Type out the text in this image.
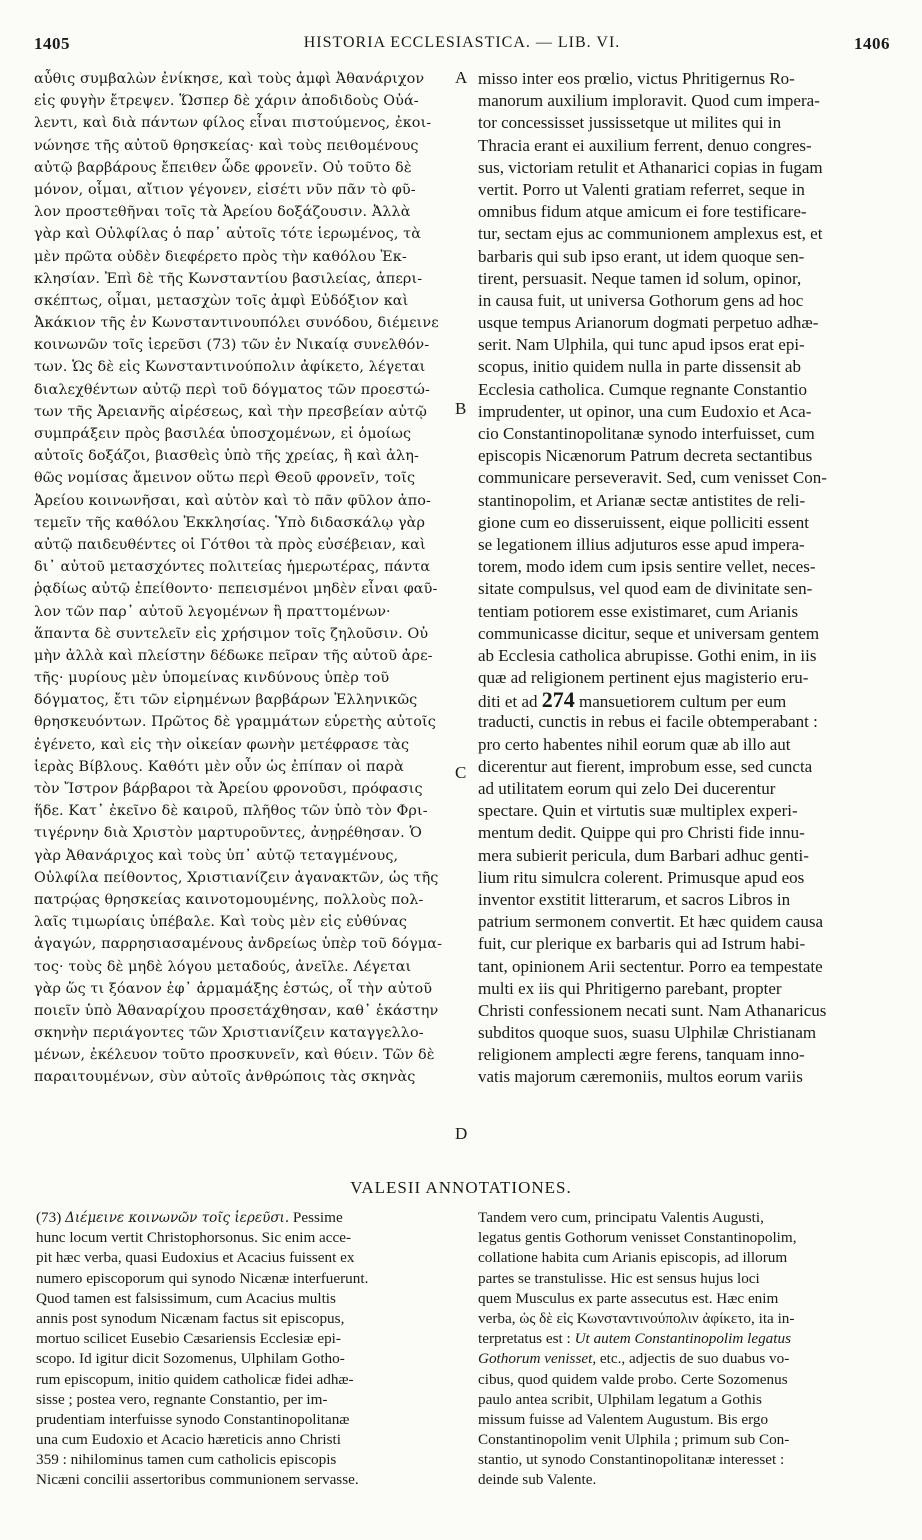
1405	HISTORIA ECCLESIASTICA. — LIB. VI.	1406
αὖθις συμβαλὼν ἐνίκησε, καὶ τοὺς ἀμφὶ Ἀθανάριχον
εἰς φυγὴν ἔτρεψεν. Ὥσπερ δὲ χάριν ἀποδιδοὺς Οὐά-
λεντι, καὶ διὰ πάντων φίλος εἶναι πιστούμενος, ἐκοι-
νώνησε τῆς αὐτοῦ θρησκείας· καὶ τοὺς πειθομένους
αὐτῷ βαρβάρους ἔπειθεν ὧδε φρονεῖν. Οὐ τοῦτο δὲ
μόνον, οἶμαι, αἴτιον γέγονεν, εἰσέτι νῦν πᾶν τὸ φῦ-
λον προστεθῆναι τοῖς τὰ Ἀρείου δοξάζουσιν. Ἀλλὰ
γὰρ καὶ Οὐλφίλας ὁ παρ᾽ αὐτοῖς τότε ἱερωμένος, τὰ
μὲν πρῶτα οὐδὲν διεφέρετο πρὸς τὴν καθόλου Ἐκ-
κλησίαν. Ἐπὶ δὲ τῆς Κωνσταντίου βασιλείας, ἀπερι-
σκέπτως, οἶμαι, μετασχὼν τοῖς ἀμφὶ Εὐδόξιον καὶ
Ἀκάκιον τῆς ἐν Κωνσταντινουπόλει συνόδου, διέμεινε
κοινωνῶν τοῖς ἱερεῦσι (73) τῶν ἐν Νικαίᾳ συνελθόν-
των. Ὡς δὲ εἰς Κωνσταντινούπολιν ἀφίκετο, λέγεται
διαλεχθέντων αὐτῷ περὶ τοῦ δόγματος τῶν προεστώ-
των τῆς Ἀρειανῆς αἱρέσεως, καὶ τὴν πρεσβείαν αὐτῷ
συμπράξειν πρὸς βασιλέα ὑποσχομένων, εἰ ὁμοίως
αὐτοῖς δοξάζοι, βιασθεὶς ὑπὸ τῆς χρείας, ἢ καὶ ἀλη-
θῶς νομίσας ἄμεινον οὕτω περὶ Θεοῦ φρονεῖν, τοῖς
Ἀρείου κοινωνῆσαι, καὶ αὐτὸν καὶ τὸ πᾶν φῦλον ἀπο-
τεμεῖν τῆς καθόλου Ἐκκλησίας. Ὑπὸ διδασκάλῳ γὰρ
αὐτῷ παιδευθέντες οἱ Γότθοι τὰ πρὸς εὐσέβειαν, καὶ
δι᾽ αὐτοῦ μετασχόντες πολιτείας ἡμερωτέρας, πάντα
ῥᾳδίως αὐτῷ ἐπείθοντο· πεπεισμένοι μηδὲν εἶναι φαῦ-
λον τῶν παρ᾽ αὐτοῦ λεγομένων ἢ πραττομένων·
ἅπαντα δὲ συντελεῖν εἰς χρήσιμον τοῖς ζηλοῦσιν. Οὐ
μὴν ἀλλὰ καὶ πλείστην δέδωκε πεῖραν τῆς αὐτοῦ ἀρε-
τῆς· μυρίους μὲν ὑπομείνας κινδύνους ὑπὲρ τοῦ
δόγματος, ἔτι τῶν εἰρημένων βαρβάρων Ἑλληνικῶς
θρησκευόντων. Πρῶτος δὲ γραμμάτων εὑρετὴς αὐτοῖς
ἐγένετο, καὶ εἰς τὴν οἰκείαν φωνὴν μετέφρασε τὰς
ἱερὰς Βίβλους. Καθότι μὲν οὖν ὡς ἐπίπαν οἱ παρὰ
τὸν Ἴστρον βάρβαροι τὰ Ἀρείου φρονοῦσι, πρόφασις
ἥδε. Κατ᾽ ἐκεῖνο δὲ καιροῦ, πλῆθος τῶν ὑπὸ τὸν Φρι-
τιγέρνην διὰ Χριστὸν μαρτυροῦντες, ἀνῃρέθησαν. Ὁ
γὰρ Ἀθανάριχος καὶ τοὺς ὑπ᾽ αὐτῷ τεταγμένους,
Οὐλφίλα πείθοντος, Χριστιανίζειν ἀγανακτῶν, ὡς τῆς
πατρῴας θρησκείας καινοτομουμένης, πολλοὺς πολ-
λαῖς τιμωρίαις ὑπέβαλε. Καὶ τοὺς μὲν εἰς εὐθύνας
ἀγαγών, παρρησιασαμένους ἀνδρείως ὑπὲρ τοῦ δόγμα-
τος· τοὺς δὲ μηδὲ λόγου μεταδούς, ἀνεῖλε. Λέγεται
γὰρ ὥς τι ξόανον ἐφ᾽ ἁρμαμάξης ἑστώς, οἷ τὴν αὐτοῦ
ποιεῖν ὑπὸ Ἀθαναρίχου προσετάχθησαν, καθ᾽ ἑκάστην
σκηνὴν περιάγοντες τῶν Χριστιανίζειν καταγγελλο-
μένων, ἐκέλευον τοῦτο προσκυνεῖν, καὶ θύειν. Τῶν δὲ
παραιτουμένων, σὺν αὐτοῖς ἀνθρώποις τὰς σκηνὰς
A
B
C
D
misso inter eos prœlio, victus Phritigernus Ro-
manorum auxilium imploravit. Quod cum impera-
tor concessisset jussissetque ut milites qui in
Thracia erant ei auxilium ferrent, denuo congres-
sus, victoriam retulit et Athanarici copias in fugam
vertit. Porro ut Valenti gratiam referret, seque in
omnibus fidum atque amicum ei fore testificare-
tur, sectam ejus ac communionem amplexus est, et
barbaris qui sub ipso erant, ut idem quoque sen-
tirent, persuasit. Neque tamen id solum, opinor,
in causa fuit, ut universa Gothorum gens ad hoc
usque tempus Arianorum dogmati perpetuo adhæ-
serit. Nam Ulphila, qui tunc apud ipsos erat epi-
scopus, initio quidem nulla in parte dissensit ab
Ecclesia catholica. Cumque regnante Constantio
imprudenter, ut opinor, una cum Eudoxio et Aca-
cio Constantinopolitanæ synodo interfuisset, cum
episcopis Nicænorum Patrum decreta sectantibus
communicare perseveravit. Sed, cum venisset Con-
stantinopolim, et Arianæ sectæ antistites de reli-
gione cum eo disseruissent, eique polliciti essent
se legationem illius adjuturos esse apud impera-
torem, modo idem cum ipsis sentire vellet, neces-
sitate compulsus, vel quod eam de divinitate sen-
tentiam potiorem esse existimaret, cum Arianis
communicasse dicitur, seque et universam gentem
ab Ecclesia catholica abrupisse. Gothi enim, in iis
quæ ad religionem pertinent ejus magisterio eru-
diti et ad 274 mansuetiorem cultum per eum
traducti, cunctis in rebus ei facile obtemperabant :
pro certo habentes nihil eorum quæ ab illo aut
dicerentur aut fierent, improbum esse, sed cuncta
ad utilitatem eorum qui zelo Dei ducerentur
spectare. Quin et virtutis suæ multiplex experi-
mentum dedit. Quippe qui pro Christi fide innu-
mera subierit pericula, dum Barbari adhuc genti-
lium ritu simulcra colerent. Primusque apud eos
inventor exstitit litterarum, et sacros Libros in
patrium sermonem convertit. Et hæc quidem causa
fuit, cur plerique ex barbaris qui ad Istrum habi-
tant, opinionem Arii sectentur. Porro ea tempestate
multi ex iis qui Phritigerno parebant, propter
Christi confessionem necati sunt. Nam Athanaricus
subditos quoque suos, suasu Ulphilæ Christianam
religionem amplecti ægre ferens, tanquam inno-
vatis majorum cæremoniis, multos eorum variis
VALESII ANNOTATIONES.
(73) Διέμεινε κοινωνῶν τοῖς ἱερεῦσι. Pessime
hunc locum vertit Christophorsonus. Sic enim acce-
pit hæc verba, quasi Eudoxius et Acacius fuissent ex
numero episcoporum qui synodo Nicænæ interfuerunt.
Quod tamen est falsissimum, cum Acacius multis
annis post synodum Nicænam factus sit episcopus,
mortuo scilicet Eusebio Cæsariensis Ecclesiæ epi-
scopo. Id igitur dicit Sozomenus, Ulphilam Gotho-
rum episcopum, initio quidem catholicæ fidei adhæ-
sisse ; postea vero, regnante Constantio, per im-
prudentiam interfuisse synodo Constantinopolitanæ
una cum Eudoxio et Acacio hæreticis anno Christi
359 : nihilominus tamen cum catholicis episcopis
Nicæni concilii assertoribus communionem servasse.
Tandem vero cum, principatu Valentis Augusti,
legatus gentis Gothorum venisset Constantinopolim,
collatione habita cum Arianis episcopis, ad illorum
partes se transtulisse. Hic est sensus hujus loci
quem Musculus ex parte assecutus est. Hæc enim
verba, ὡς δὲ εἰς Κωνσταντινούπολιν ἀφίκετο, ita in-
terpretatus est : Ut autem Constantinopolim legatus
Gothorum venisset, etc., adjectis de suo duabus vo-
cibus, quod quidem valde probo. Certe Sozomenus
paulo antea scribit, Ulphilam legatum a Gothis
missum fuisse ad Valentem Augustum. Bis ergo
Constantinopolim venit Ulphila ; primum sub Con-
stantio, ut synodo Constantinopolitanæ interesset :
deinde sub Valente.
